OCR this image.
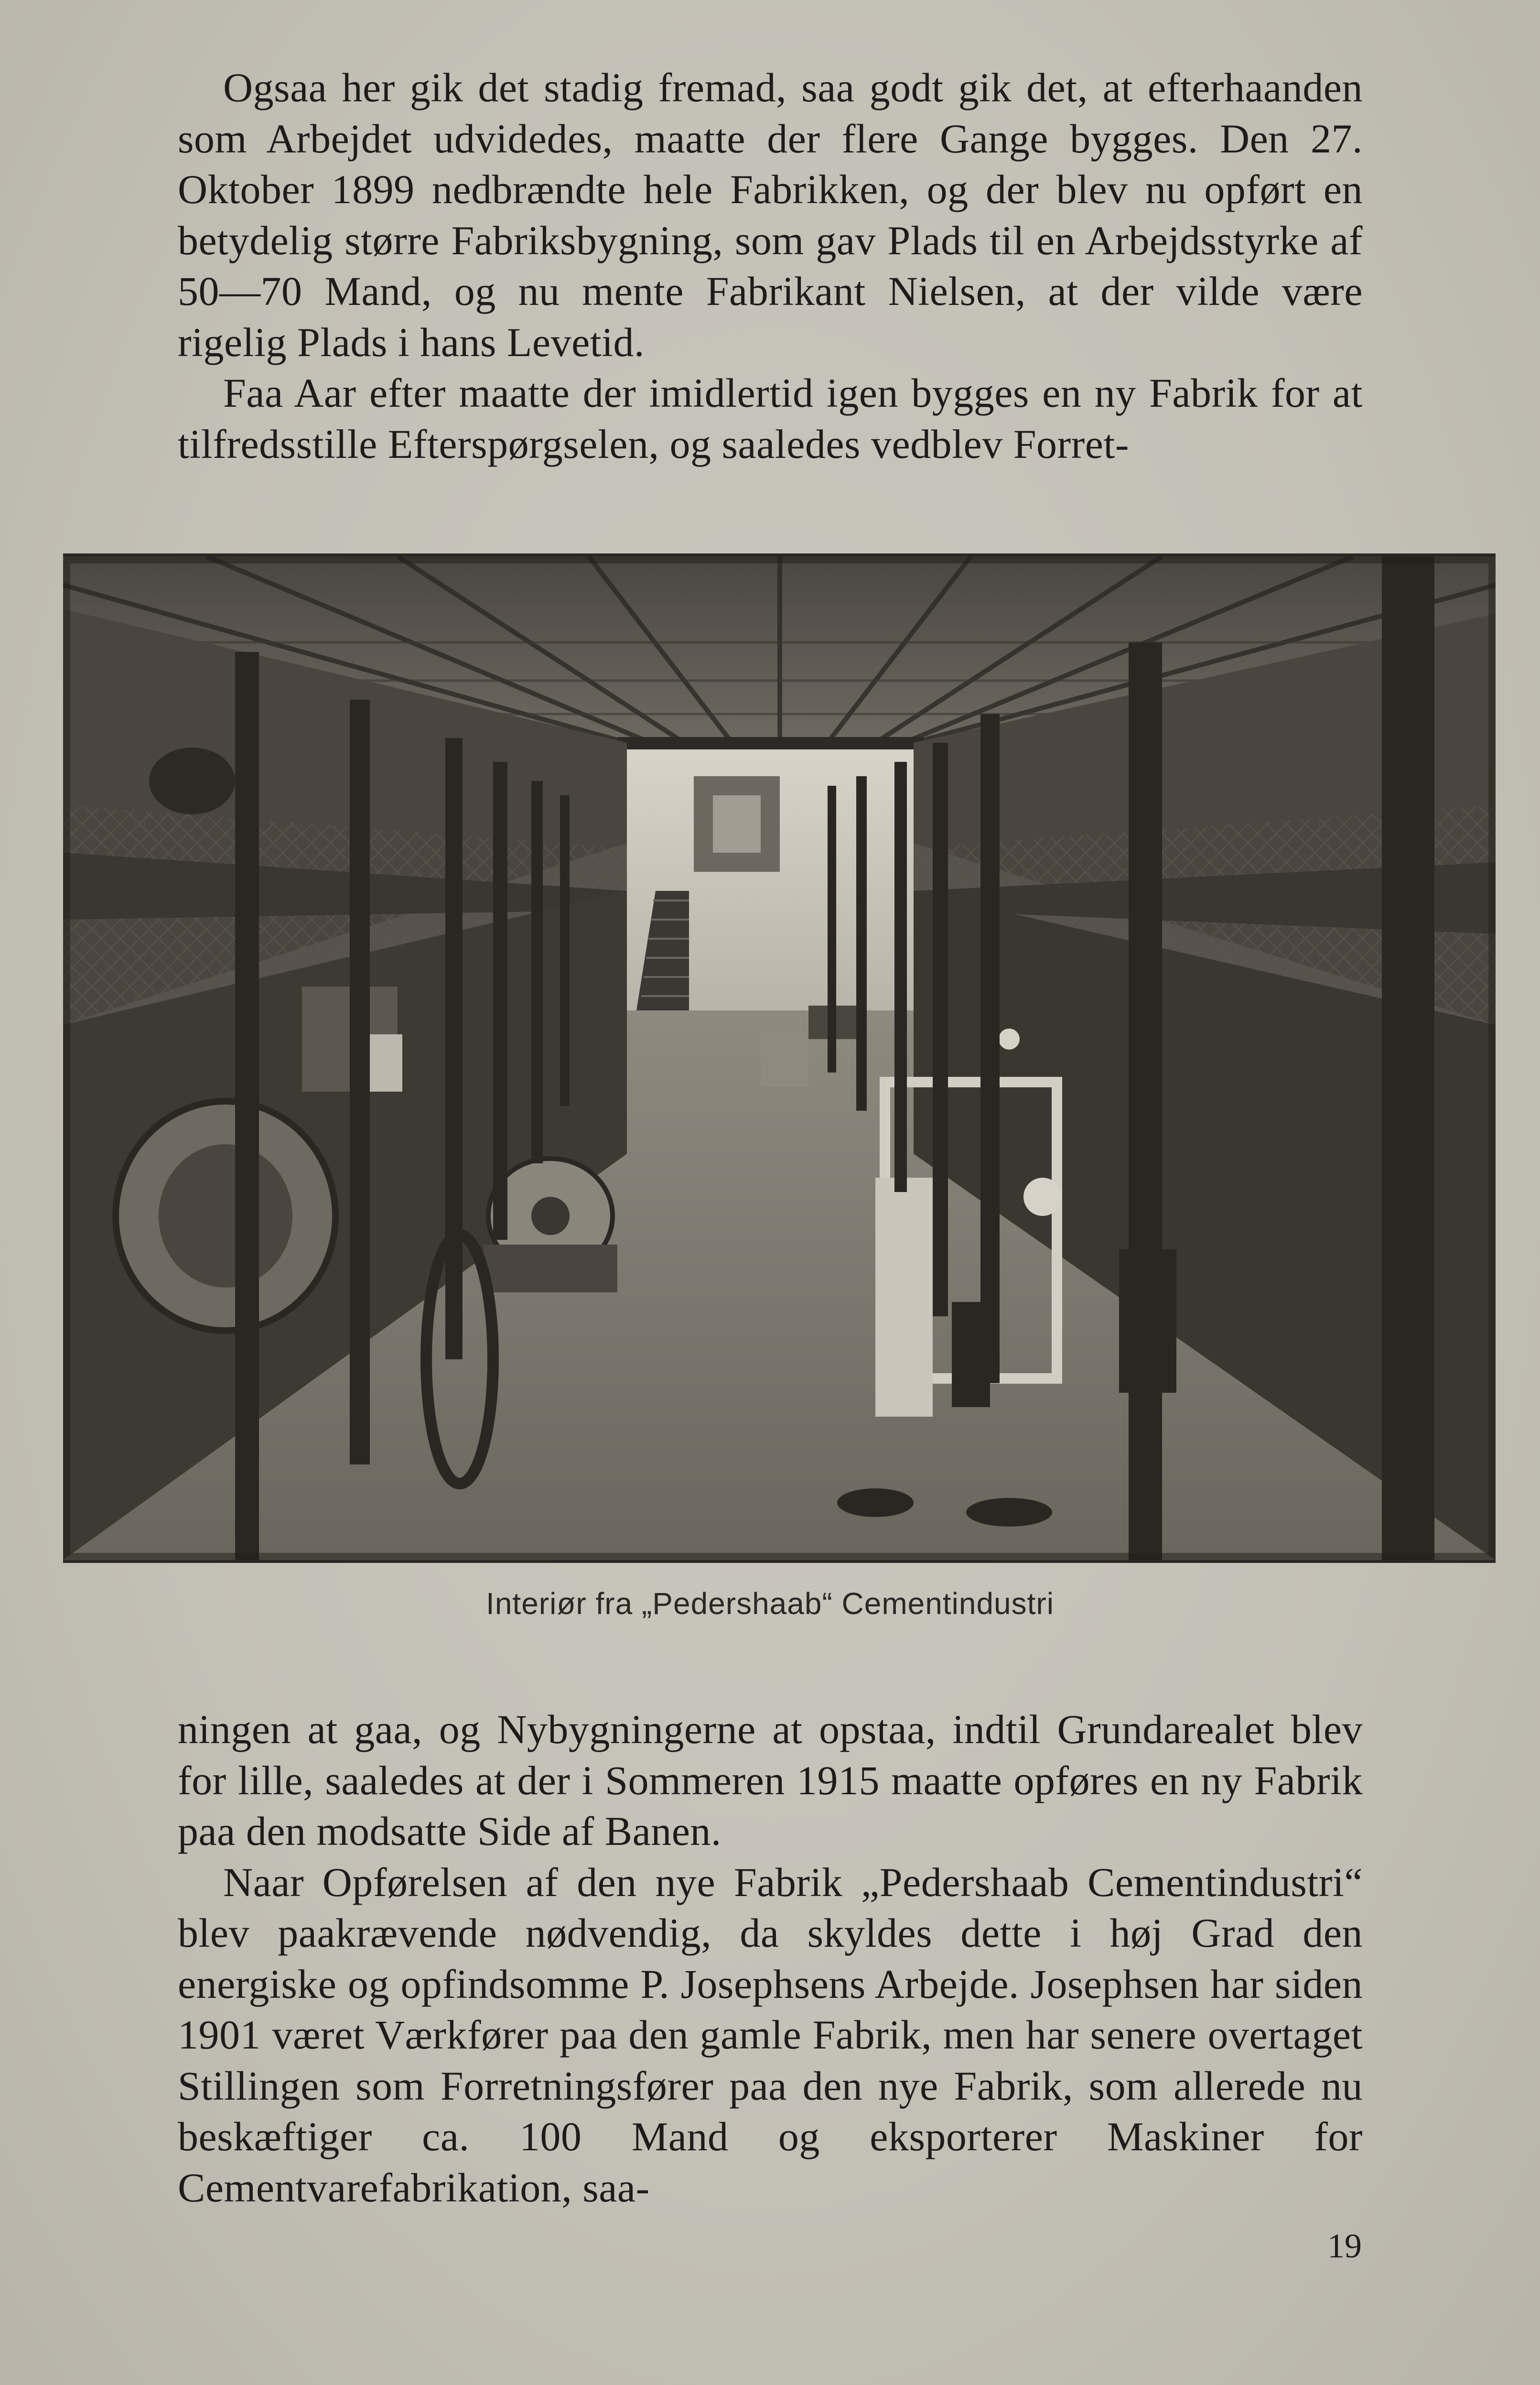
Ogsaa her gik det stadig fremad, saa godt gik det, at efterhaanden som Arbejdet udvidedes, maatte der flere Gange bygges. Den 27. Oktober 1899 nedbrændte hele Fabrikken, og der blev nu opført en betydelig større Fabriksbygning, som gav Plads til en Arbejdsstyrke af 50—70 Mand, og nu mente Fabrikant Nielsen, at der vilde være rigelig Plads i hans Levetid.

Faa Aar efter maatte der imidlertid igen bygges en ny Fabrik for at tilfredsstille Efterspørgselen, og saaledes vedblev Forret-

Interiør fra „Pedershaab“ Cementindustri

ningen at gaa, og Nybygningerne at opstaa, indtil Grundarealet blev for lille, saaledes at der i Sommeren 1915 maatte opføres en ny Fabrik paa den modsatte Side af Banen.

Naar Opførelsen af den nye Fabrik „Pedershaab Cementindustri“ blev paakrævende nødvendig, da skyldes dette i høj Grad den energiske og opfindsomme P. Josephsens Arbejde. Josephsen har siden 1901 været Værkfører paa den gamle Fabrik, men har senere overtaget Stillingen som Forretningsfører paa den nye Fabrik, som allerede nu beskæftiger ca. 100 Mand og eksporterer Maskiner for Cementvarefabrikation, saa-

19
